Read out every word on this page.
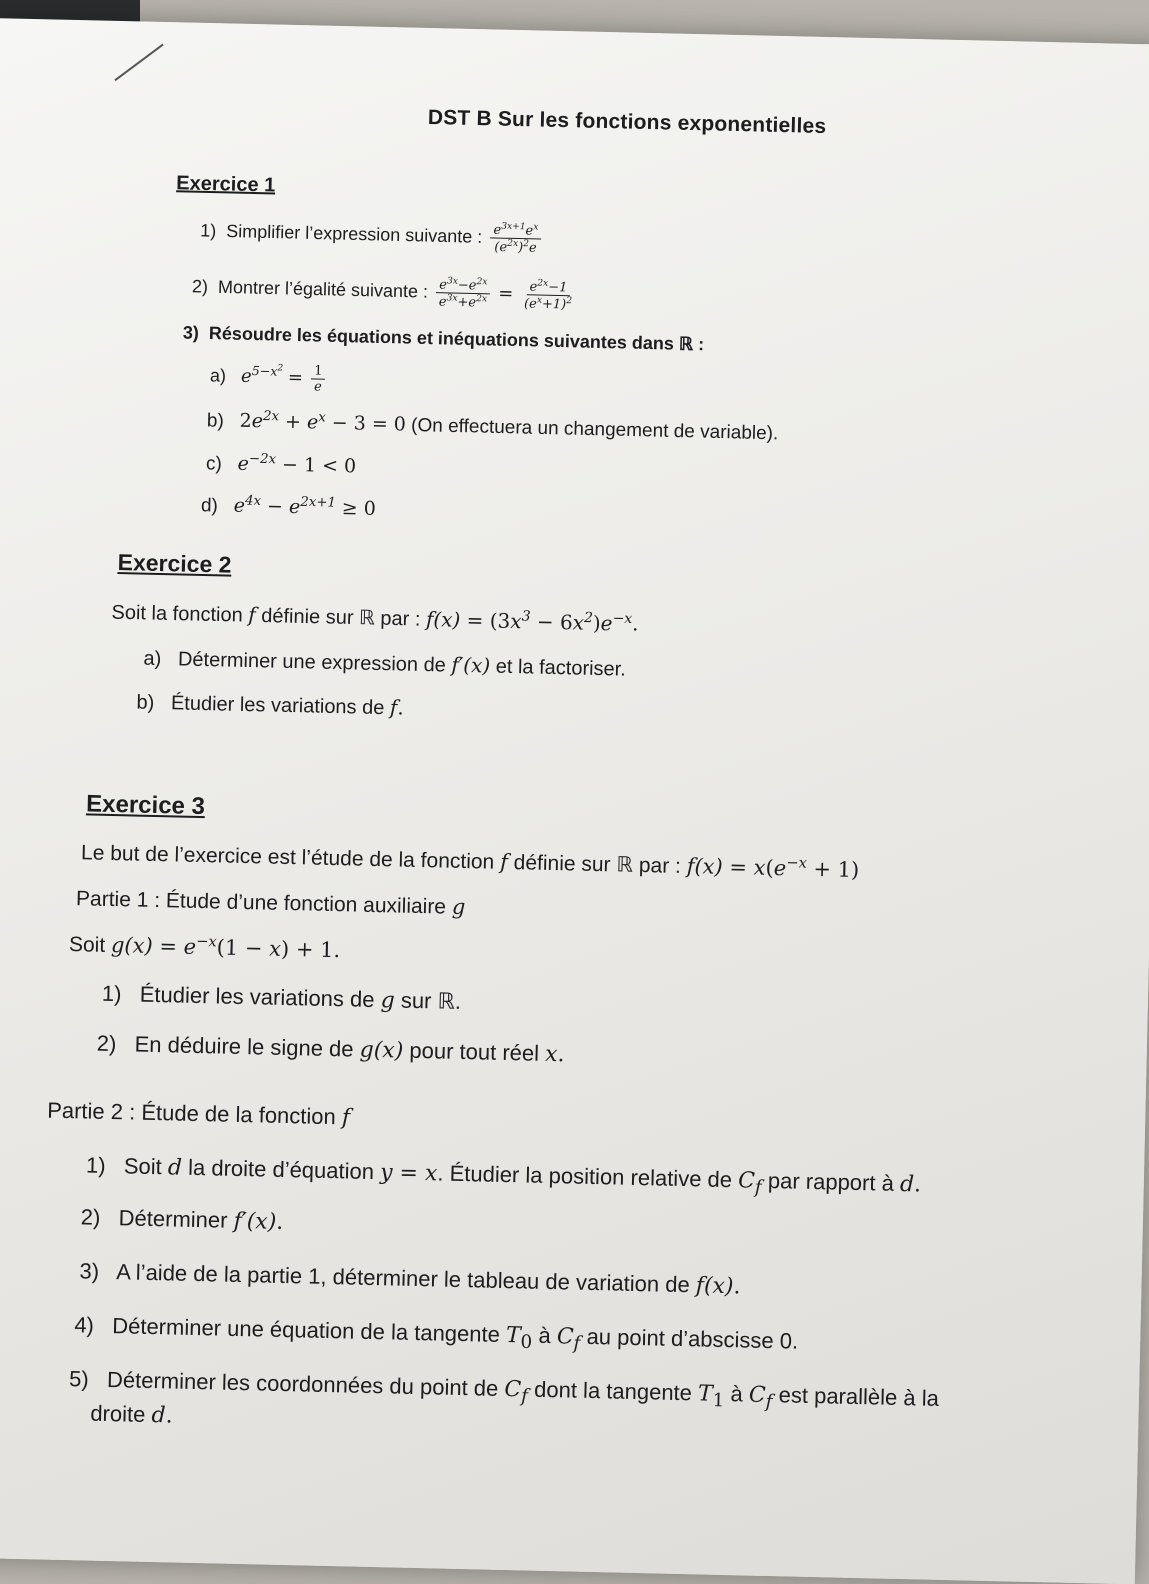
DST B Sur les fonctions exponentielles
Exercice 1
1) Simplifier l’expression suivante : $\frac{e^{3x+1}e^x}{(e^{2x})^2e}$
2) Montrer l’égalité suivante : $\frac{e^{3x}-e^{2x}}{e^{3x}+e^{2x}} = \frac{e^{2x}-1}{(e^x+1)^2}$
3) Résoudre les équations et inéquations suivantes dans ℝ :
a) $e^{5-x^2} = \frac{1}{e}$
b) $2e^{2x} + e^x - 3 = 0$ (On effectuera un changement de variable).
c) $e^{-2x} - 1 < 0$
d) $e^{4x} - e^{2x+1} \ge 0$
Exercice 2
Soit la fonction f définie sur ℝ par : $f(x) = (3x^3 - 6x^2)e^{-x}$.
a) Déterminer une expression de f′(x) et la factoriser.
b) Étudier les variations de f.
Exercice 3
Le but de l’exercice est l’étude de la fonction f définie sur ℝ par : $f(x) = x(e^{-x} + 1)$
Partie 1 : Étude d’une fonction auxiliaire g
Soit $g(x) = e^{-x}(1 - x) + 1$.
1) Étudier les variations de g sur ℝ.
2) En déduire le signe de g(x) pour tout réel x.
Partie 2 : Étude de la fonction f
1) Soit d la droite d’équation y = x. Étudier la position relative de $C_f$ par rapport à d.
2) Déterminer f′(x).
3) A l’aide de la partie 1, déterminer le tableau de variation de f(x).
4) Déterminer une équation de la tangente $T_0$ à $C_f$ au point d’abscisse 0.
5) Déterminer les coordonnées du point de $C_f$ dont la tangente $T_1$ à $C_f$ est parallèle à la
droite d.
